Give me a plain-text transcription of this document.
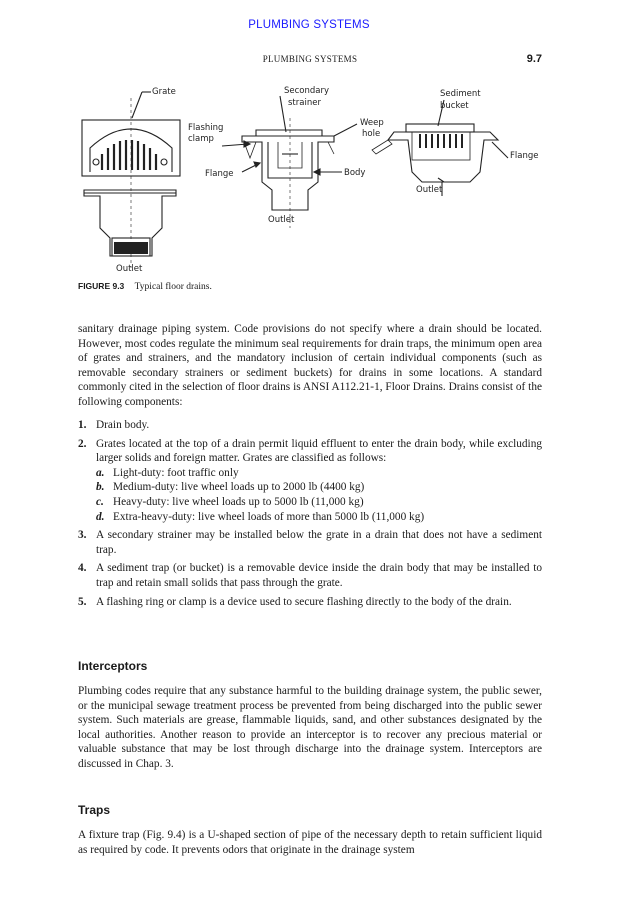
PLUMBING SYSTEMS
PLUMBING SYSTEMS	9.7
Grate
Flashing
clamp
Secondary
strainer
Weep
hole
Flange	Body
Outlet
Outlet
Sediment
bucket
Flange
Outlet
FIGURE 9.3 Typical floor drains.
sanitary drainage piping system. Code provisions do not specify where a drain should be located. However, most codes regulate the minimum seal requirements for drain traps, the minimum open area of grates and strainers, and the mandatory inclusion of certain individual components (such as removable secondary strainers or sediment buckets) for drains in some locations. A standard commonly cited in the selection of floor drains is ANSI A112.21-1, Floor Drains. Drains consist of the following components:
1. Drain body.
2. Grates located at the top of a drain permit liquid effluent to enter the drain body, while excluding larger solids and foreign matter. Grates are classified as follows:
a. Light-duty: foot traffic only
b. Medium-duty: live wheel loads up to 2000 lb (4400 kg)
c. Heavy-duty: live wheel loads up to 5000 lb (11,000 kg)
d. Extra-heavy-duty: live wheel loads of more than 5000 lb (11,000 kg)
3. A secondary strainer may be installed below the grate in a drain that does not have a sediment trap.
4. A sediment trap (or bucket) is a removable device inside the drain body that may be installed to trap and retain small solids that pass through the grate.
5. A flashing ring or clamp is a device used to secure flashing directly to the body of the drain.
Interceptors
Plumbing codes require that any substance harmful to the building drainage system, the public sewer, or the municipal sewage treatment process be prevented from being discharged into the public sewer system. Such materials are grease, flammable liquids, sand, and other substances designated by the local authorities. Another reason to provide an interceptor is to recover any precious material or valuable substance that may be lost through discharge into the drainage system. Interceptors are discussed in Chap. 3.
Traps
A fixture trap (Fig. 9.4) is a U-shaped section of pipe of the necessary depth to retain sufficient liquid as required by code. It prevents odors that originate in the drainage system
